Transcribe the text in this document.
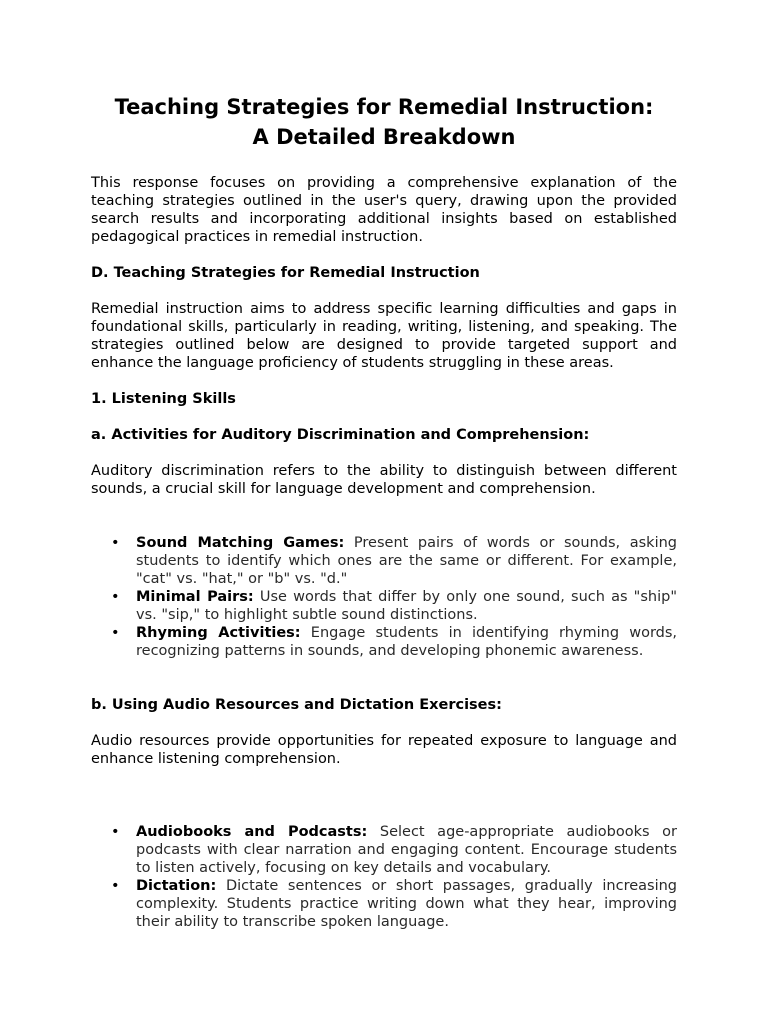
Teaching Strategies for Remedial Instruction:
A Detailed Breakdown

This response focuses on providing a comprehensive explanation of the teaching strategies outlined in the user's query, drawing upon the provided search results and incorporating additional insights based on established pedagogical practices in remedial instruction.

D. Teaching Strategies for Remedial Instruction

Remedial instruction aims to address specific learning difficulties and gaps in foundational skills, particularly in reading, writing, listening, and speaking. The strategies outlined below are designed to provide targeted support and enhance the language proficiency of students struggling in these areas.

1. Listening Skills

a. Activities for Auditory Discrimination and Comprehension:

Auditory discrimination refers to the ability to distinguish between different sounds, a crucial skill for language development and comprehension.

• Sound Matching Games: Present pairs of words or sounds, asking students to identify which ones are the same or different. For example, "cat" vs. "hat," or "b" vs. "d."
• Minimal Pairs: Use words that differ by only one sound, such as "ship" vs. "sip," to highlight subtle sound distinctions.
• Rhyming Activities: Engage students in identifying rhyming words, recognizing patterns in sounds, and developing phonemic awareness.

b. Using Audio Resources and Dictation Exercises:

Audio resources provide opportunities for repeated exposure to language and enhance listening comprehension.

• Audiobooks and Podcasts: Select age-appropriate audiobooks or podcasts with clear narration and engaging content. Encourage students to listen actively, focusing on key details and vocabulary.
• Dictation: Dictate sentences or short passages, gradually increasing complexity. Students practice writing down what they hear, improving their ability to transcribe spoken language.
